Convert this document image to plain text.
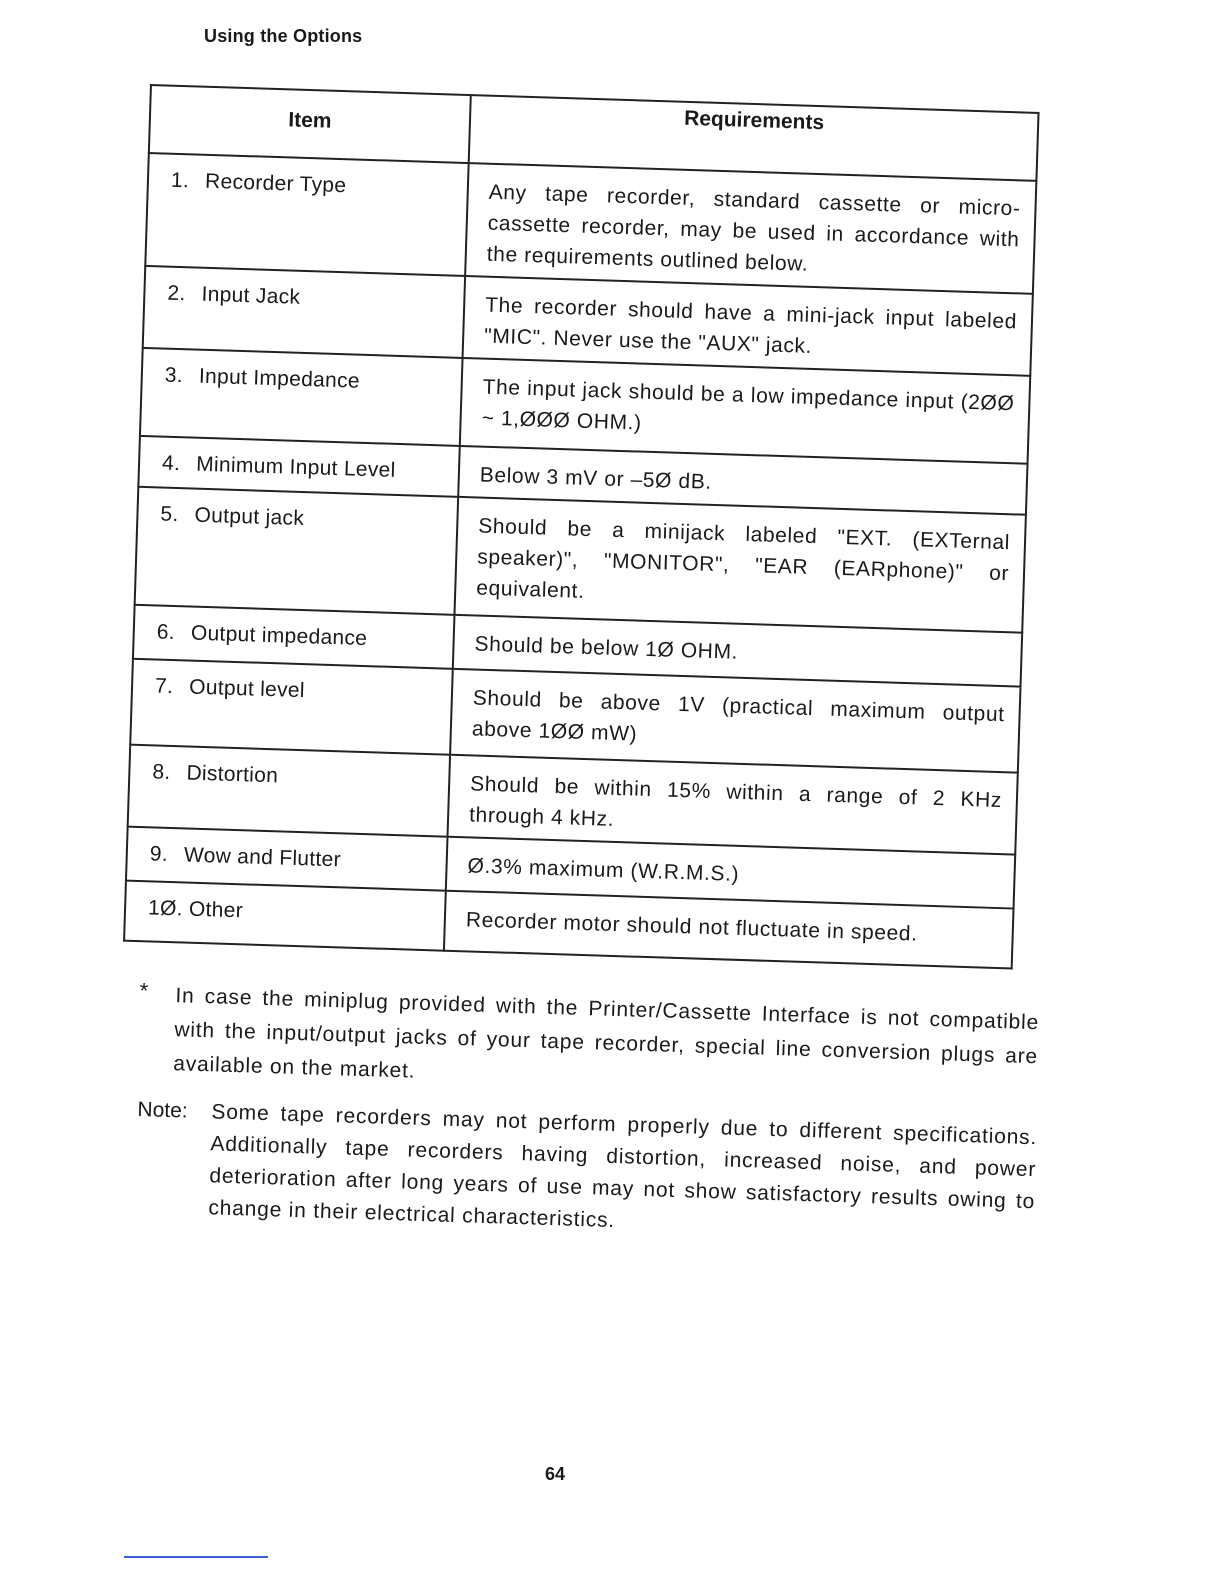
Using the Options
Item	Requirements
1. Recorder Type	Any tape recorder, standard cassette or micro-cassette recorder, may be used in accordance with the requirements outlined below.
2. Input Jack	The recorder should have a mini-jack input labeled "MIC". Never use the "AUX" jack.
3. Input Impedance	The input jack should be a low impedance input (2ØØ ~ 1,ØØØ OHM.)
4. Minimum Input Level	Below 3 mV or –5Ø dB.
5. Output jack	Should be a minijack labeled "EXT. (EXTernal speaker)", "MONITOR", "EAR (EARphone)" or equivalent.
6. Output impedance	Should be below 1Ø OHM.
7. Output level	Should be above 1V (practical maximum output above 1ØØ mW)
8. Distortion	Should be within 15% within a range of 2 KHz through 4 kHz.
9. Wow and Flutter	Ø.3% maximum (W.R.M.S.)
1Ø. Other	Recorder motor should not fluctuate in speed.
* In case the miniplug provided with the Printer/Cassette Interface is not compatible with the input/output jacks of your tape recorder, special line conversion plugs are available on the market.
Note: Some tape recorders may not perform properly due to different specifications. Additionally tape recorders having distortion, increased noise, and power deterioration after long years of use may not show satisfactory results owing to change in their electrical characteristics.
64
